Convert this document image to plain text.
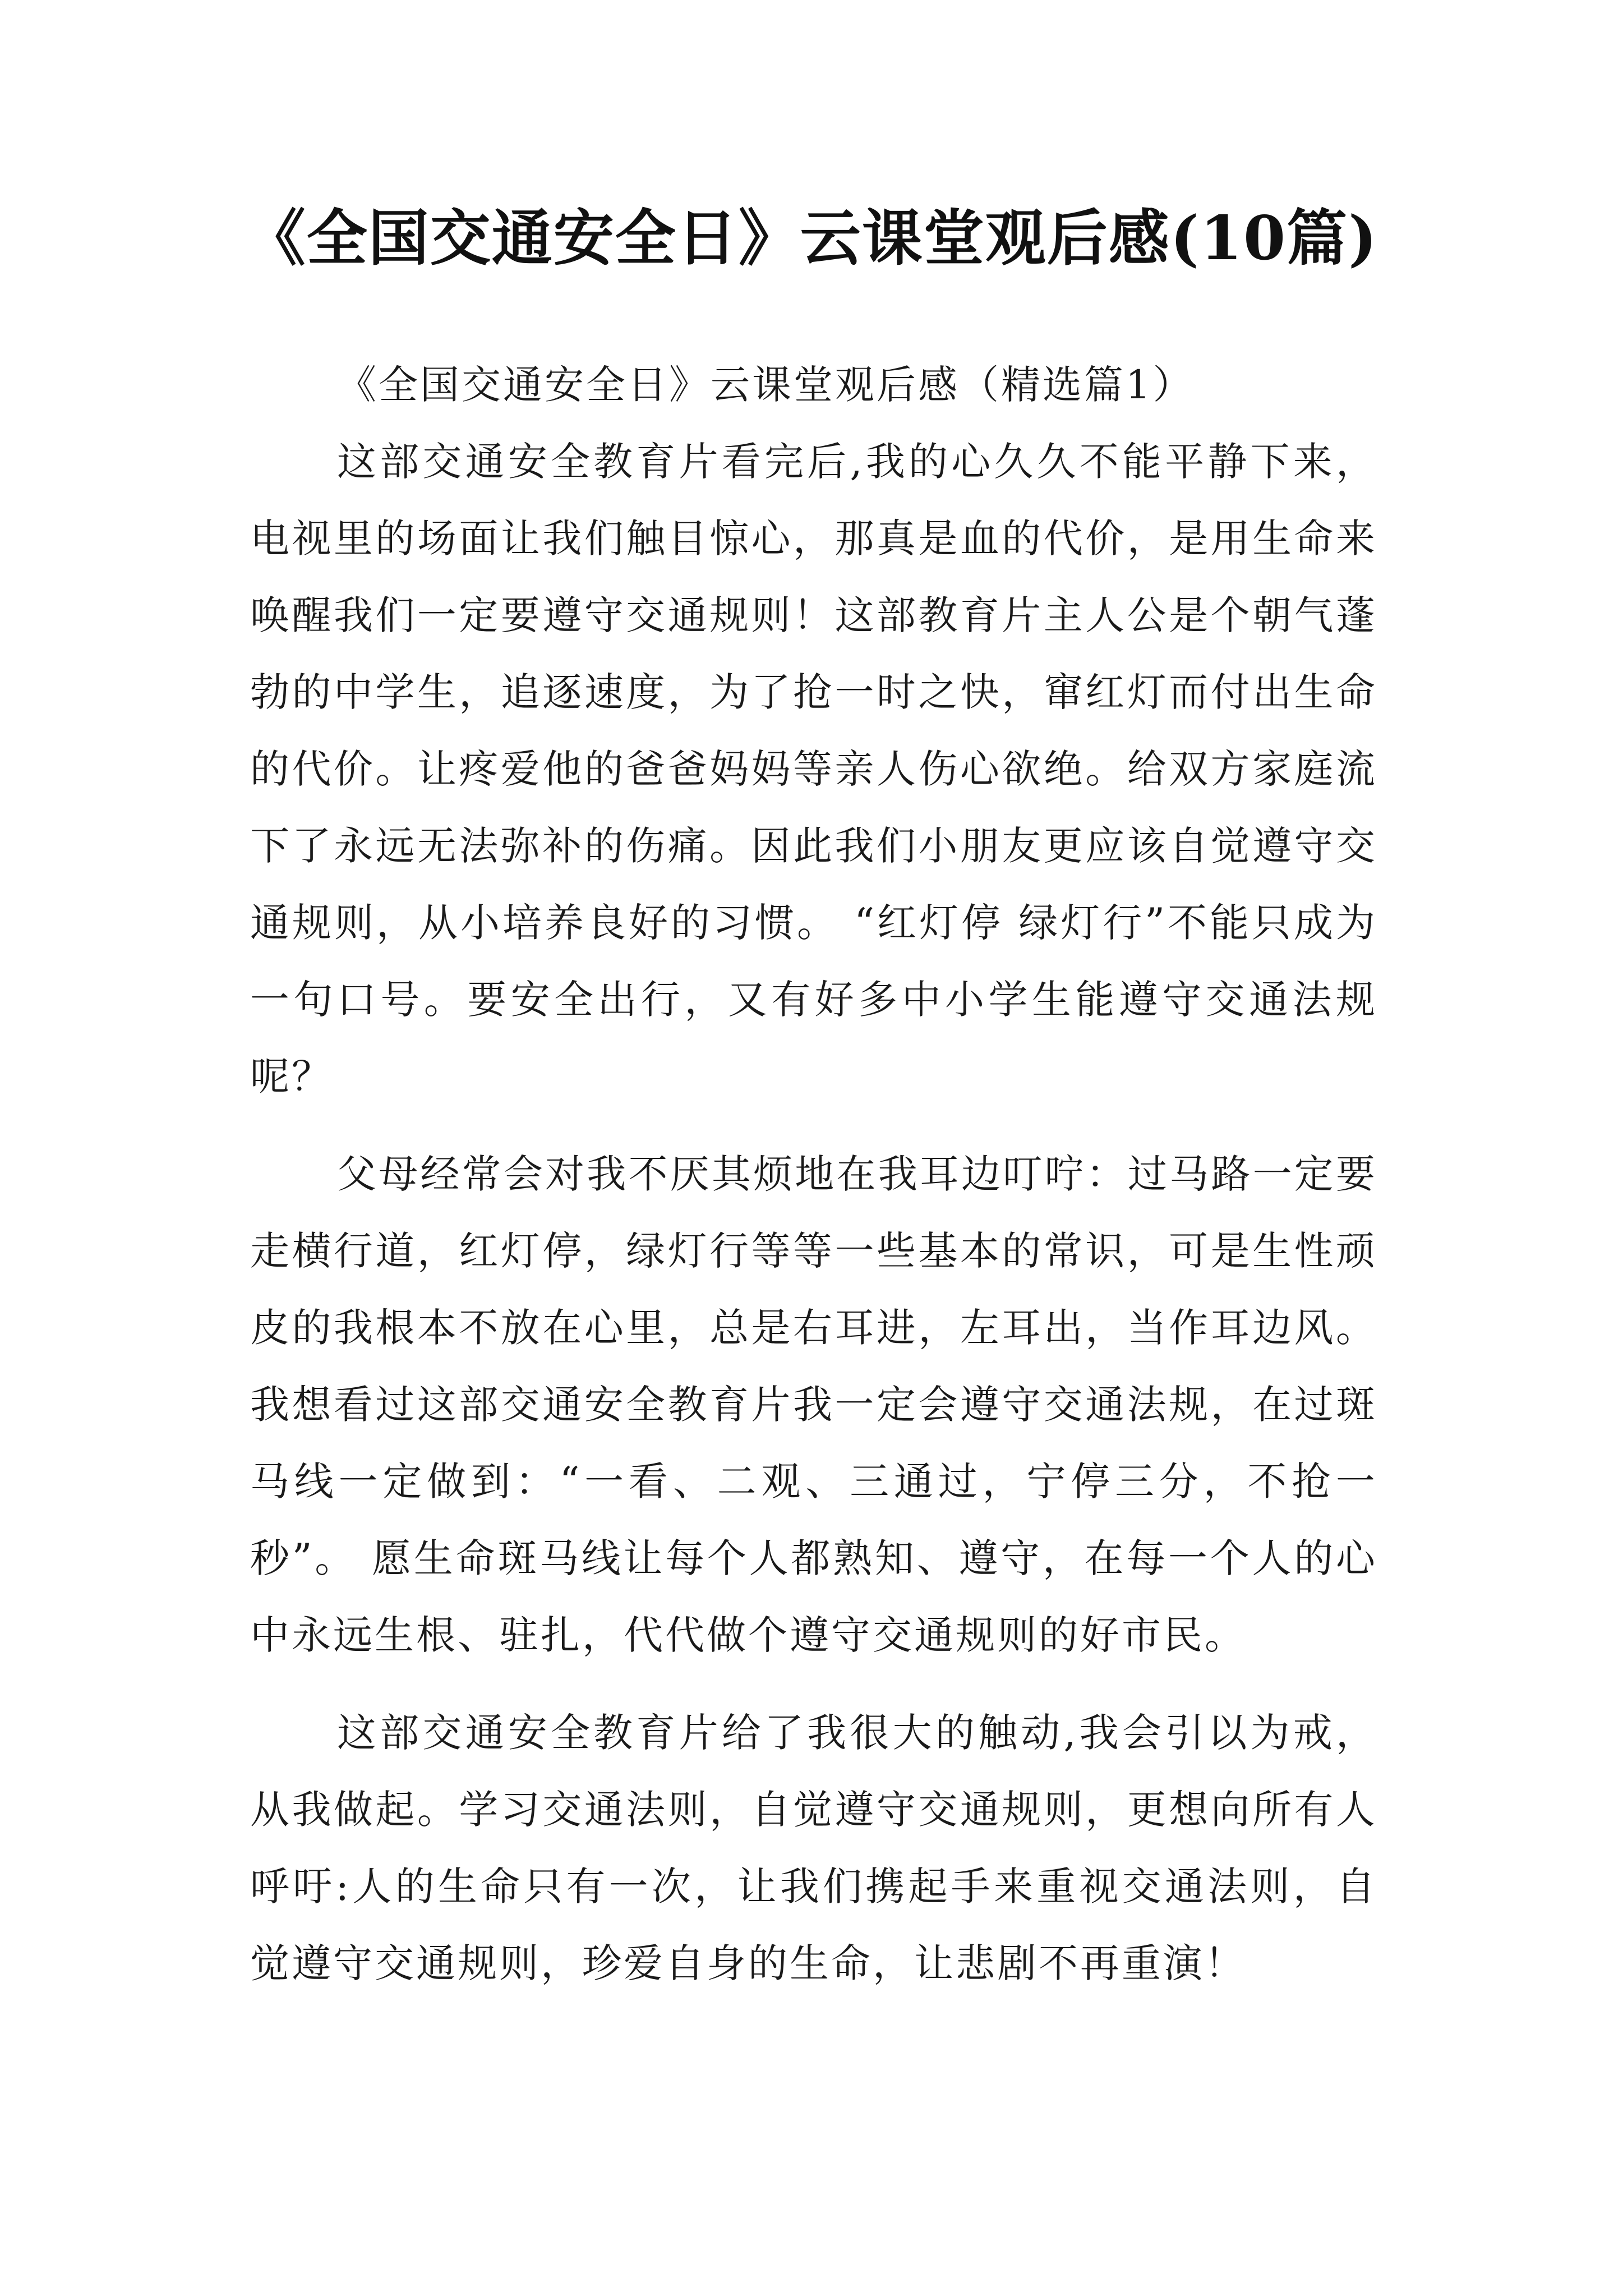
《全国交通安全日》云课堂观后感(10篇)

《全国交通安全日》云课堂观后感（精选篇1）

这部交通安全教育片看完后,我的心久久不能平静下来，电视里的场面让我们触目惊心，那真是血的代价，是用生命来唤醒我们一定要遵守交通规则！这部教育片主人公是个朝气蓬勃的中学生，追逐速度，为了抢一时之快，窜红灯而付出生命的代价。让疼爱他的爸爸妈妈等亲人伤心欲绝。给双方家庭流下了永远无法弥补的伤痛。因此我们小朋友更应该自觉遵守交通规则，从小培养良好的习惯。 “红灯停 绿灯行”不能只成为一句口号。要安全出行，又有好多中小学生能遵守交通法规呢？

父母经常会对我不厌其烦地在我耳边叮咛：过马路一定要走横行道，红灯停，绿灯行等等一些基本的常识，可是生性顽皮的我根本不放在心里，总是右耳进，左耳出，当作耳边风。我想看过这部交通安全教育片我一定会遵守交通法规，在过斑马线一定做到：“一看、二观、三通过，宁停三分，不抢一秒”。 愿生命斑马线让每个人都熟知、遵守，在每一个人的心中永远生根、驻扎，代代做个遵守交通规则的好市民。

这部交通安全教育片给了我很大的触动,我会引以为戒，从我做起。学习交通法则，自觉遵守交通规则，更想向所有人呼吁:人的生命只有一次，让我们携起手来重视交通法则，自觉遵守交通规则，珍爱自身的生命，让悲剧不再重演！
